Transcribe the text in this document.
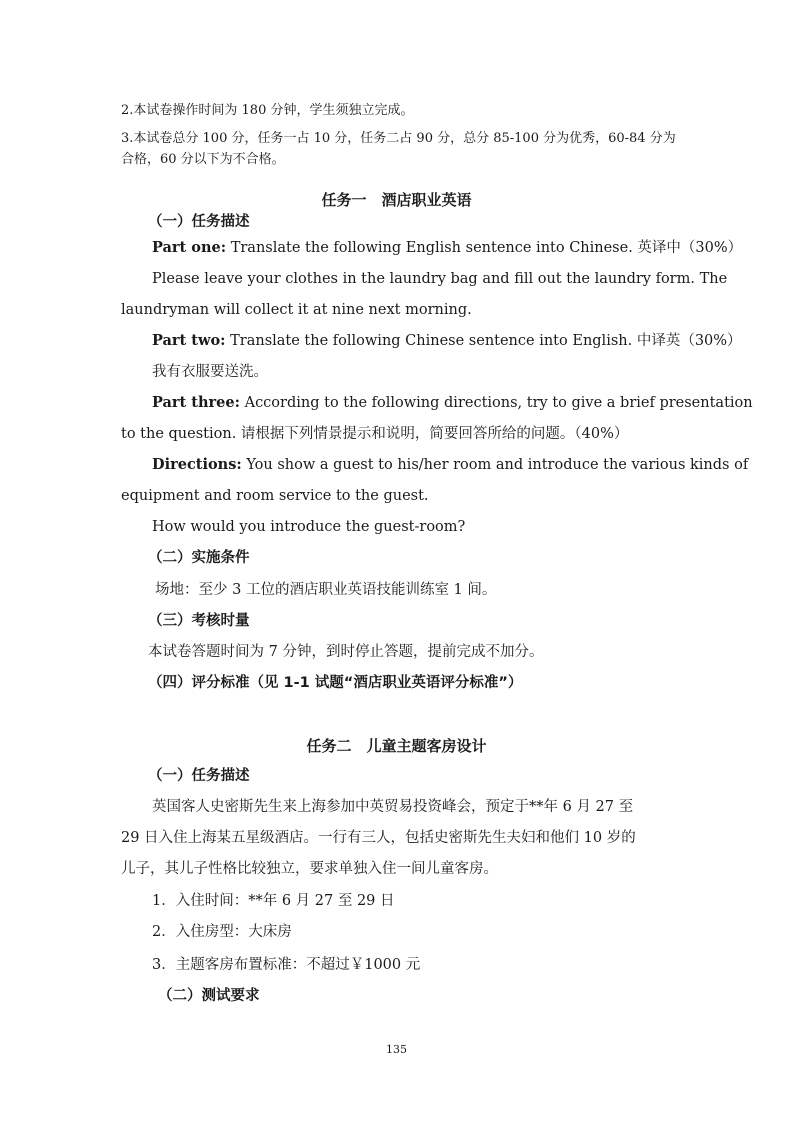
2.本试卷操作时间为 180 分钟，学生须独立完成。
3.本试卷总分 100 分，任务一占 10 分，任务二占 90 分，总分 85-100 分为优秀，60-84 分为
合格，60 分以下为不合格。
任务一　酒店职业英语
（一）任务描述
Part one: Translate the following English sentence into Chinese. 英译中（30%）
Please leave your clothes in the laundry bag and fill out the laundry form. The
laundryman will collect it at nine next morning.
Part two: Translate the following Chinese sentence into English. 中译英（30%）
我有衣服要送洗。
Part three: According to the following directions, try to give a brief presentation
to the question. 请根据下列情景提示和说明，简要回答所给的问题。（40%）
Directions: You show a guest to his/her room and introduce the various kinds of
equipment and room service to the guest.
How would you introduce the guest-room?
（二）实施条件
场地：至少 3 工位的酒店职业英语技能训练室 1 间。
（三）考核时量
本试卷答题时间为 7 分钟，到时停止答题，提前完成不加分。
（四）评分标准（见 1-1 试题“酒店职业英语评分标准”）
任务二　儿童主题客房设计
（一）任务描述
英国客人史密斯先生来上海参加中英贸易投资峰会，预定于**年 6 月 27 至
29 日入住上海某五星级酒店。一行有三人，包括史密斯先生夫妇和他们 10 岁的
儿子，其儿子性格比较独立，要求单独入住一间儿童客房。
1．入住时间：**年 6 月 27 至 29 日
2．入住房型：大床房
3．主题客房布置标准：不超过￥1000 元
（二）测试要求
135
